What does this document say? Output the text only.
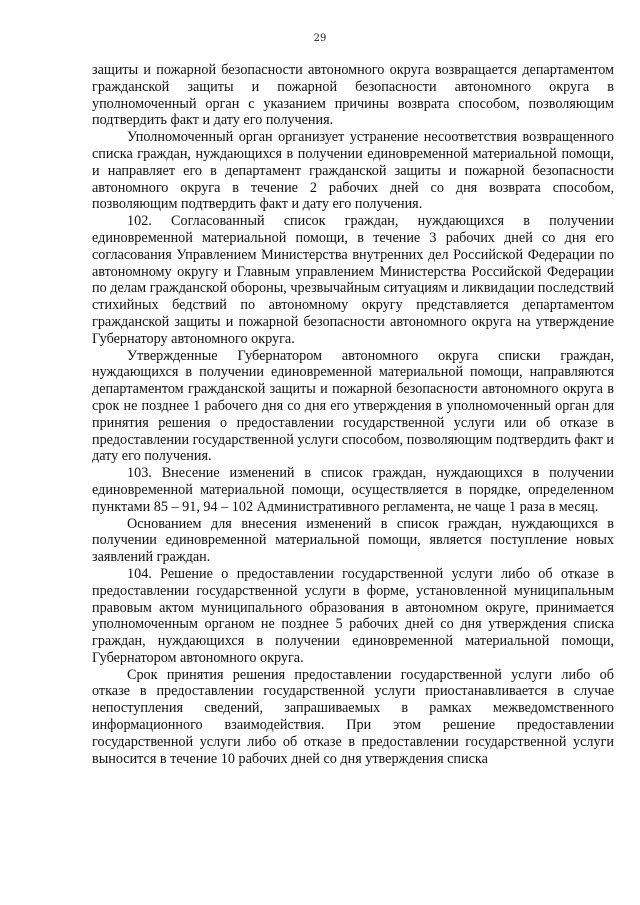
29

защиты и пожарной безопасности автономного округа возвращается департаментом гражданской защиты и пожарной безопасности автономного округа в уполномоченный орган с указанием причины возврата способом, позволяющим подтвердить факт и дату его получения.

Уполномоченный орган организует устранение несоответствия возвращенного списка граждан, нуждающихся в получении единовременной материальной помощи, и направляет его в департамент гражданской защиты и пожарной безопасности автономного округа в течение 2 рабочих дней со дня возврата способом, позволяющим подтвердить факт и дату его получения.

102. Согласованный список граждан, нуждающихся в получении единовременной материальной помощи, в течение 3 рабочих дней со дня его согласования Управлением Министерства внутренних дел Российской Федерации по автономному округу и Главным управлением Министерства Российской Федерации по делам гражданской обороны, чрезвычайным ситуациям и ликвидации последствий стихийных бедствий по автономному округу представляется департаментом гражданской защиты и пожарной безопасности автономного округа на утверждение Губернатору автономного округа.

Утвержденные Губернатором автономного округа списки граждан, нуждающихся в получении единовременной материальной помощи, направляются департаментом гражданской защиты и пожарной безопасности автономного округа в срок не позднее 1 рабочего дня со дня его утверждения в уполномоченный орган для принятия решения о предоставлении государственной услуги или об отказе в предоставлении государственной услуги способом, позволяющим подтвердить факт и дату его получения.

103. Внесение изменений в список граждан, нуждающихся в получении единовременной материальной помощи, осуществляется в порядке, определенном пунктами 85 – 91, 94 – 102 Административного регламента, не чаще 1 раза в месяц.

Основанием для внесения изменений в список граждан, нуждающихся в получении единовременной материальной помощи, является поступление новых заявлений граждан.

104. Решение о предоставлении государственной услуги либо об отказе в предоставлении государственной услуги в форме, установленной муниципальным правовым актом муниципального образования в автономном округе, принимается уполномоченным органом не позднее 5 рабочих дней со дня утверждения списка граждан, нуждающихся в получении единовременной материальной помощи, Губернатором автономного округа.

Срок принятия решения предоставлении государственной услуги либо об отказе в предоставлении государственной услуги приостанавливается в случае непоступления сведений, запрашиваемых в рамках межведомственного информационного взаимодействия. При этом решение предоставлении государственной услуги либо об отказе в предоставлении государственной услуги выносится в течение 10 рабочих дней со дня утверждения списка
